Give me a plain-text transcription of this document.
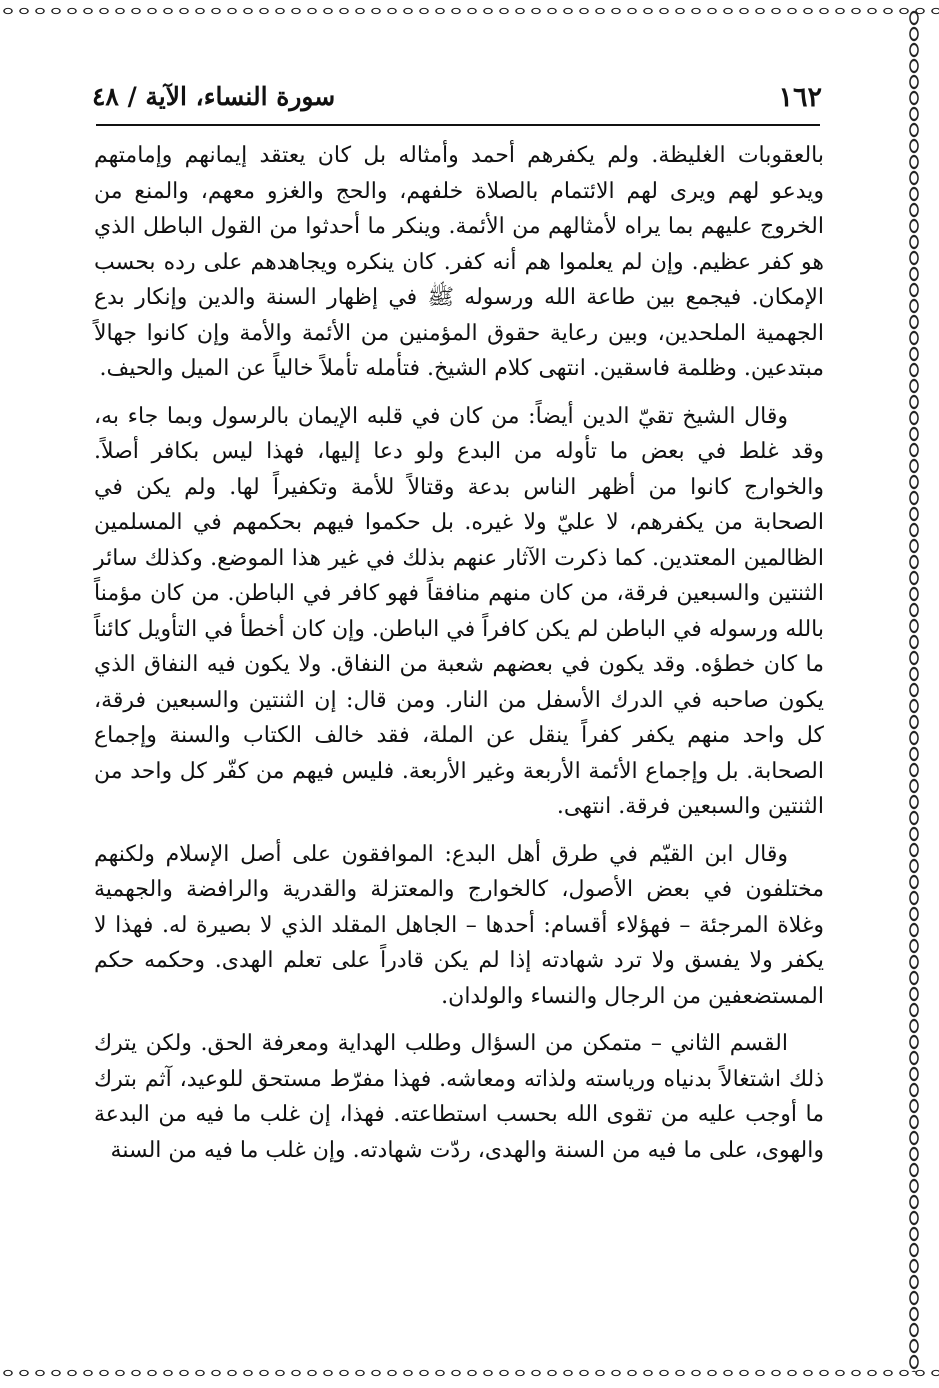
١٦٢
سورة النساء، الآية / ٤٨

بالعقوبات الغليظة. ولم يكفرهم أحمد وأمثاله بل كان يعتقد إيمانهم وإمامتهم ويدعو لهم ويرى لهم الائتمام بالصلاة خلفهم، والحج والغزو معهم، والمنع من الخروج عليهم بما يراه لأمثالهم من الأئمة. وينكر ما أحدثوا من القول الباطل الذي هو كفر عظيم. وإن لم يعلموا هم أنه كفر. كان ينكره ويجاهدهم على رده بحسب الإمكان. فيجمع بين طاعة الله ورسوله ﷺ في إظهار السنة والدين وإنكار بدع الجهمية الملحدين، وبين رعاية حقوق المؤمنين من الأئمة والأمة وإن كانوا جهالاً مبتدعين. وظلمة فاسقين. انتهى كلام الشيخ. فتأمله تأملاً خالياً عن الميل والحيف.

وقال الشيخ تقيّ الدين أيضاً: من كان في قلبه الإيمان بالرسول وبما جاء به، وقد غلط في بعض ما تأوله من البدع ولو دعا إليها، فهذا ليس بكافر أصلاً. والخوارج كانوا من أظهر الناس بدعة وقتالاً للأمة وتكفيراً لها. ولم يكن في الصحابة من يكفرهم، لا عليّ ولا غيره. بل حكموا فيهم بحكمهم في المسلمين الظالمين المعتدين. كما ذكرت الآثار عنهم بذلك في غير هذا الموضع. وكذلك سائر الثنتين والسبعين فرقة، من كان منهم منافقاً فهو كافر في الباطن. من كان مؤمناً بالله ورسوله في الباطن لم يكن كافراً في الباطن. وإن كان أخطأ في التأويل كائناً ما كان خطؤه. وقد يكون في بعضهم شعبة من النفاق. ولا يكون فيه النفاق الذي يكون صاحبه في الدرك الأسفل من النار. ومن قال: إن الثنتين والسبعين فرقة، كل واحد منهم يكفر كفراً ينقل عن الملة، فقد خالف الكتاب والسنة وإجماع الصحابة. بل وإجماع الأئمة الأربعة وغير الأربعة. فليس فيهم من كفّر كل واحد من الثنتين والسبعين فرقة. انتهى.

وقال ابن القيّم في طرق أهل البدع: الموافقون على أصل الإسلام ولكنهم مختلفون في بعض الأصول، كالخوارج والمعتزلة والقدرية والرافضة والجهمية وغلاة المرجئة – فهؤلاء أقسام: أحدها – الجاهل المقلد الذي لا بصيرة له. فهذا لا يكفر ولا يفسق ولا ترد شهادته إذا لم يكن قادراً على تعلم الهدى. وحكمه حكم المستضعفين من الرجال والنساء والولدان.

القسم الثاني – متمكن من السؤال وطلب الهداية ومعرفة الحق. ولكن يترك ذلك اشتغالاً بدنياه ورياسته ولذاته ومعاشه. فهذا مفرّط مستحق للوعيد، آثم بترك ما أوجب عليه من تقوى الله بحسب استطاعته. فهذا، إن غلب ما فيه من البدعة والهوى، على ما فيه من السنة والهدى، ردّت شهادته. وإن غلب ما فيه من السنة
